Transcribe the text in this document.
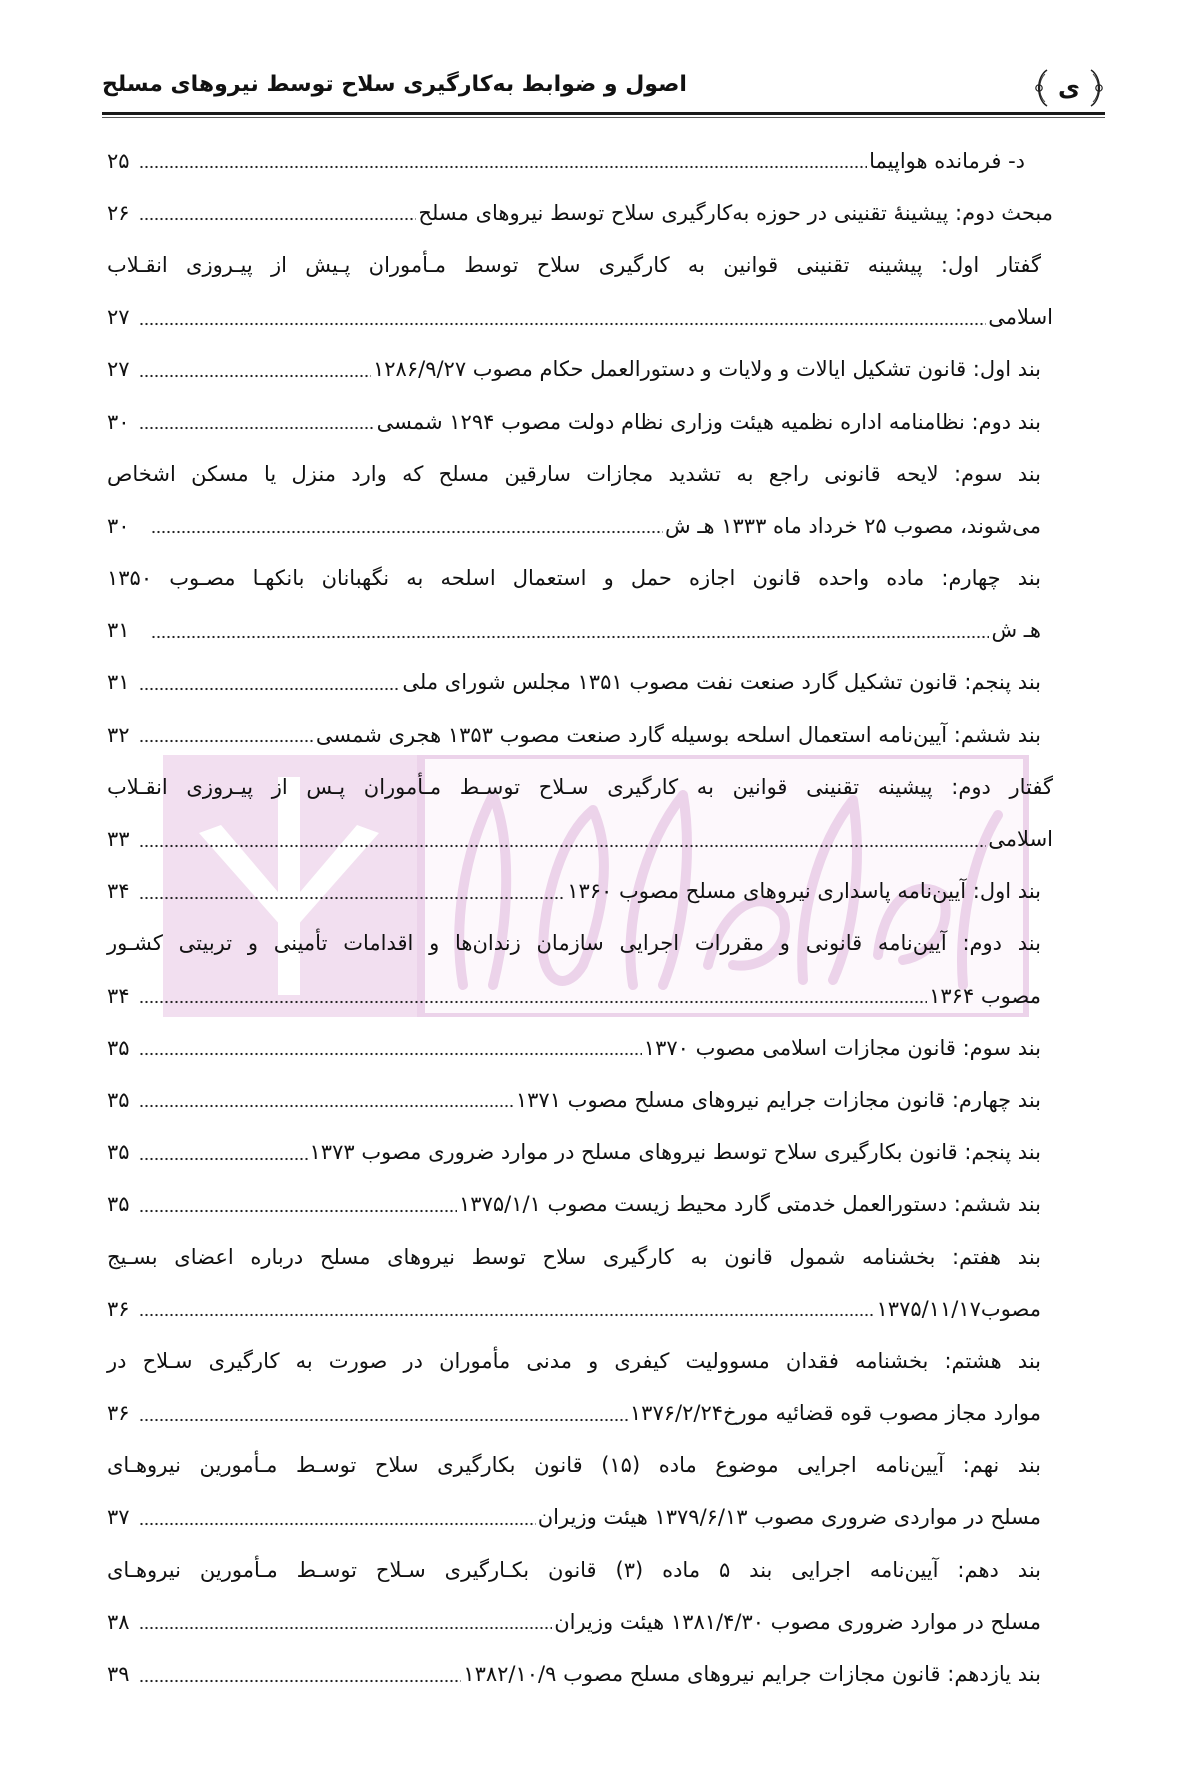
ی
اصول و ضوابط به‌کارگیری سلاح توسط نیروهای مسلح
د- فرمانده هواپیما
۲۵
مبحث دوم: پیشینۀ تقنینی در حوزه به‌کارگیری سلاح توسط نیروهای مسلح
۲۶
گفتار اول: پیشینه تقنینی قوانین به کارگیری سلاح توسط مـأموران پـیش از پیـروزی انقـلاب
اسلامی
۲۷
بند اول: قانون تشکیل ایالات و ولایات و دستورالعمل حکام مصوب ۱۲۸۶/۹/۲۷
۲۷
بند دوم: نظامنامه اداره نظمیه هیئت وزاری نظام دولت مصوب ۱۲۹۴ شمسی
۳۰
بند سوم: لایحه قانونی راجع به تشدید مجازات سارقین مسلح که وارد منزل یا مسکن اشخاص
می‌شوند، مصوب ۲۵ خرداد ماه ۱۳۳۳ هـ ش
۳۰
بند چهارم: ماده واحده قانون اجازه حمل و استعمال اسلحه به نگهبانان بانکهـا مصـوب ۱۳۵۰
هـ ش
۳۱
بند پنجم: قانون تشکیل گارد صنعت نفت مصوب ۱۳۵۱ مجلس شورای ملی
۳۱
بند ششم: آیین‌نامه استعمال اسلحه بوسیله گارد صنعت مصوب ۱۳۵۳ هجری شمسی
۳۲
گفتار دوم: پیشینه تقنینی قوانین به کارگیری سـلاح توسـط مـأموران پـس از پیـروزی انقـلاب
اسلامی
۳۳
بند اول: آیین‌نامه پاسداری نیروهای مسلح مصوب ۱۳۶۰
۳۴
بند دوم: آیین‌نامه قانونی و مقررات اجرایی سازمان زندان‌ها و اقدامات تأمینی و تربیتی کشـور
مصوب ۱۳۶۴
۳۴
بند سوم: قانون مجازات اسلامی مصوب ۱۳۷۰
۳۵
بند چهارم: قانون مجازات جرایم نیروهای مسلح مصوب ۱۳۷۱
۳۵
بند پنجم: قانون بکارگیری سلاح توسط نیروهای مسلح در موارد ضروری مصوب ۱۳۷۳
۳۵
بند ششم: دستورالعمل خدمتی گارد محیط زیست مصوب ۱۳۷۵/۱/۱
۳۵
بند هفتم: بخشنامه شمول قانون به کارگیری سلاح توسط نیروهای مسلح درباره اعضای بسـیج
مصوب۱۳۷۵/۱۱/۱۷
۳۶
بند هشتم: بخشنامه فقدان مسوولیت کیفری و مدنی مأموران در صورت به کارگیری سـلاح در
موارد مجاز مصوب قوه قضائیه مورخ۱۳۷۶/۲/۲۴
۳۶
بند نهم: آیین‌نامه اجرایی موضوع ماده (۱۵) قانون بکارگیری سلاح توسـط مـأمورین نیروهـای
مسلح در مواردی ضروری مصوب ۱۳۷۹/۶/۱۳ هیئت وزیران
۳۷
بند دهم: آیین‌نامه اجرایی بند ۵ ماده (۳) قانون بکـارگیری سـلاح توسـط مـأمورین نیروهـای
مسلح در موارد ضروری مصوب ۱۳۸۱/۴/۳۰ هیئت وزیران
۳۸
بند یازدهم: قانون مجازات جرایم نیروهای مسلح مصوب ۱۳۸۲/۱۰/۹
۳۹
